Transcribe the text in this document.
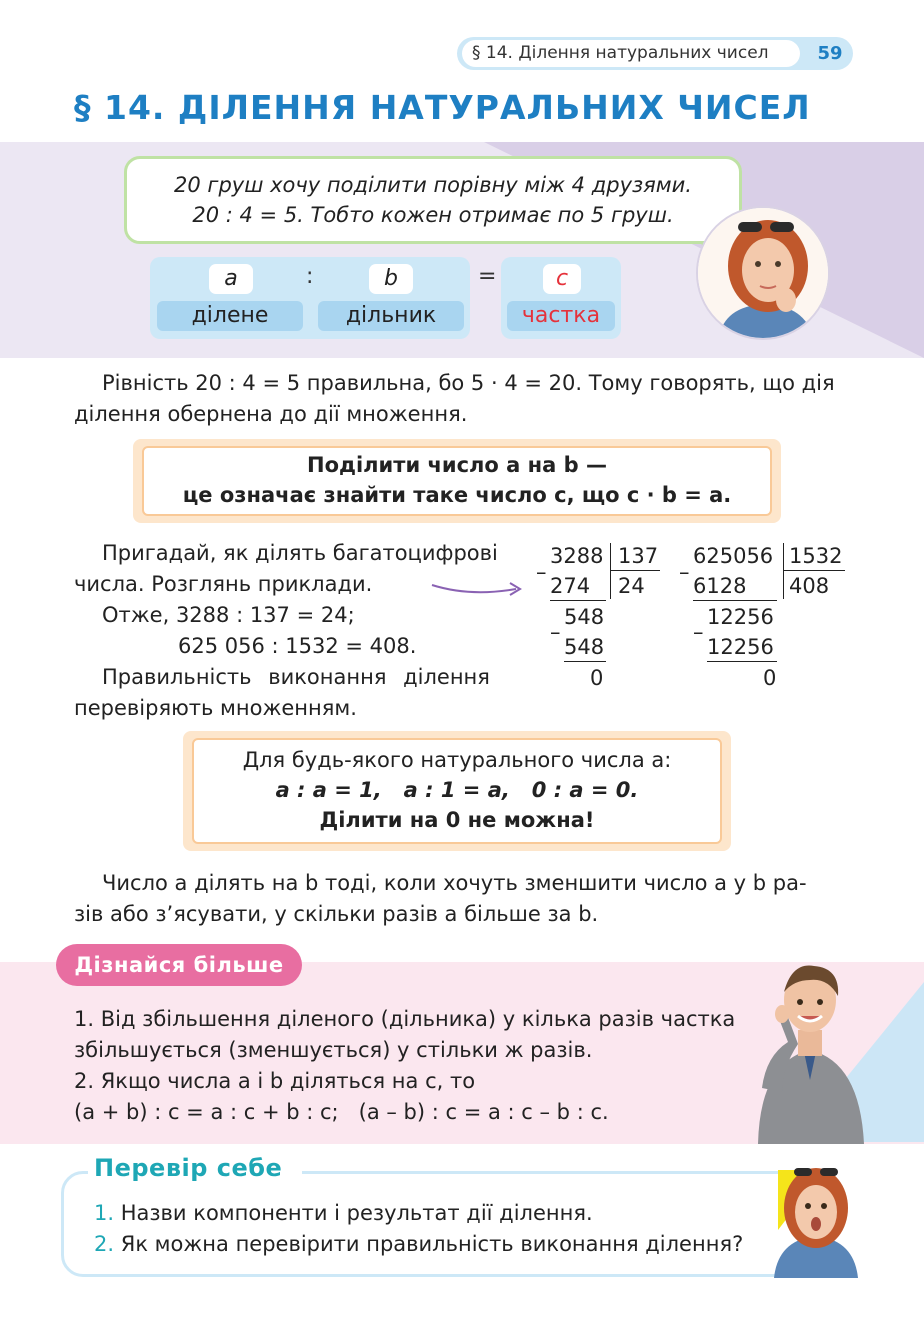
§ 14. Ділення натуральних чисел	59
§ 14. ДІЛЕННЯ НАТУРАЛЬНИХ ЧИСЕЛ
20 груш хочу поділити порівну між 4 друзями.
20 : 4 = 5. Тобто кожен отримає по 5 груш.
a	:	b	=	c
ділене	дільник	частка
Рівність 20 : 4 = 5 правильна, бо 5 · 4 = 20. Тому говорять, що дія ділення обернена до дії множення.
Поділити число a на b —
це означає знайти таке число c, що c · b = a.
Пригадай, як ділять багатоцифрові
числа. Розглянь приклади.
Отже, 3288 : 137 = 24;
625 056 : 1532 = 408.
Правильність виконання ділення
перевіряють множенням.
–
3288 137
274 24
–
548
548
0
–
625056 1532
6128 408
–
12256
12256
0
Для будь-якого натурального числа a:
a : a = 1,   a : 1 = a,   0 : a = 0.
Ділити на 0 не можна!
Число a ділять на b тоді, коли хочуть зменшити число a у b ра-
зів або з’ясувати, у скільки разів a більше за b.
Дізнайся більше
1. Від збільшення діленого (дільника) у кілька разів частка
збільшується (зменшується) у стільки ж разів.
2. Якщо числа a і b діляться на c, то
(a + b) : c = a : c + b : c;   (a – b) : c = a : c – b : c.
Перевір себе
1. Назви компоненти і результат дії ділення.
2. Як можна перевірити правильність виконання ділення?
